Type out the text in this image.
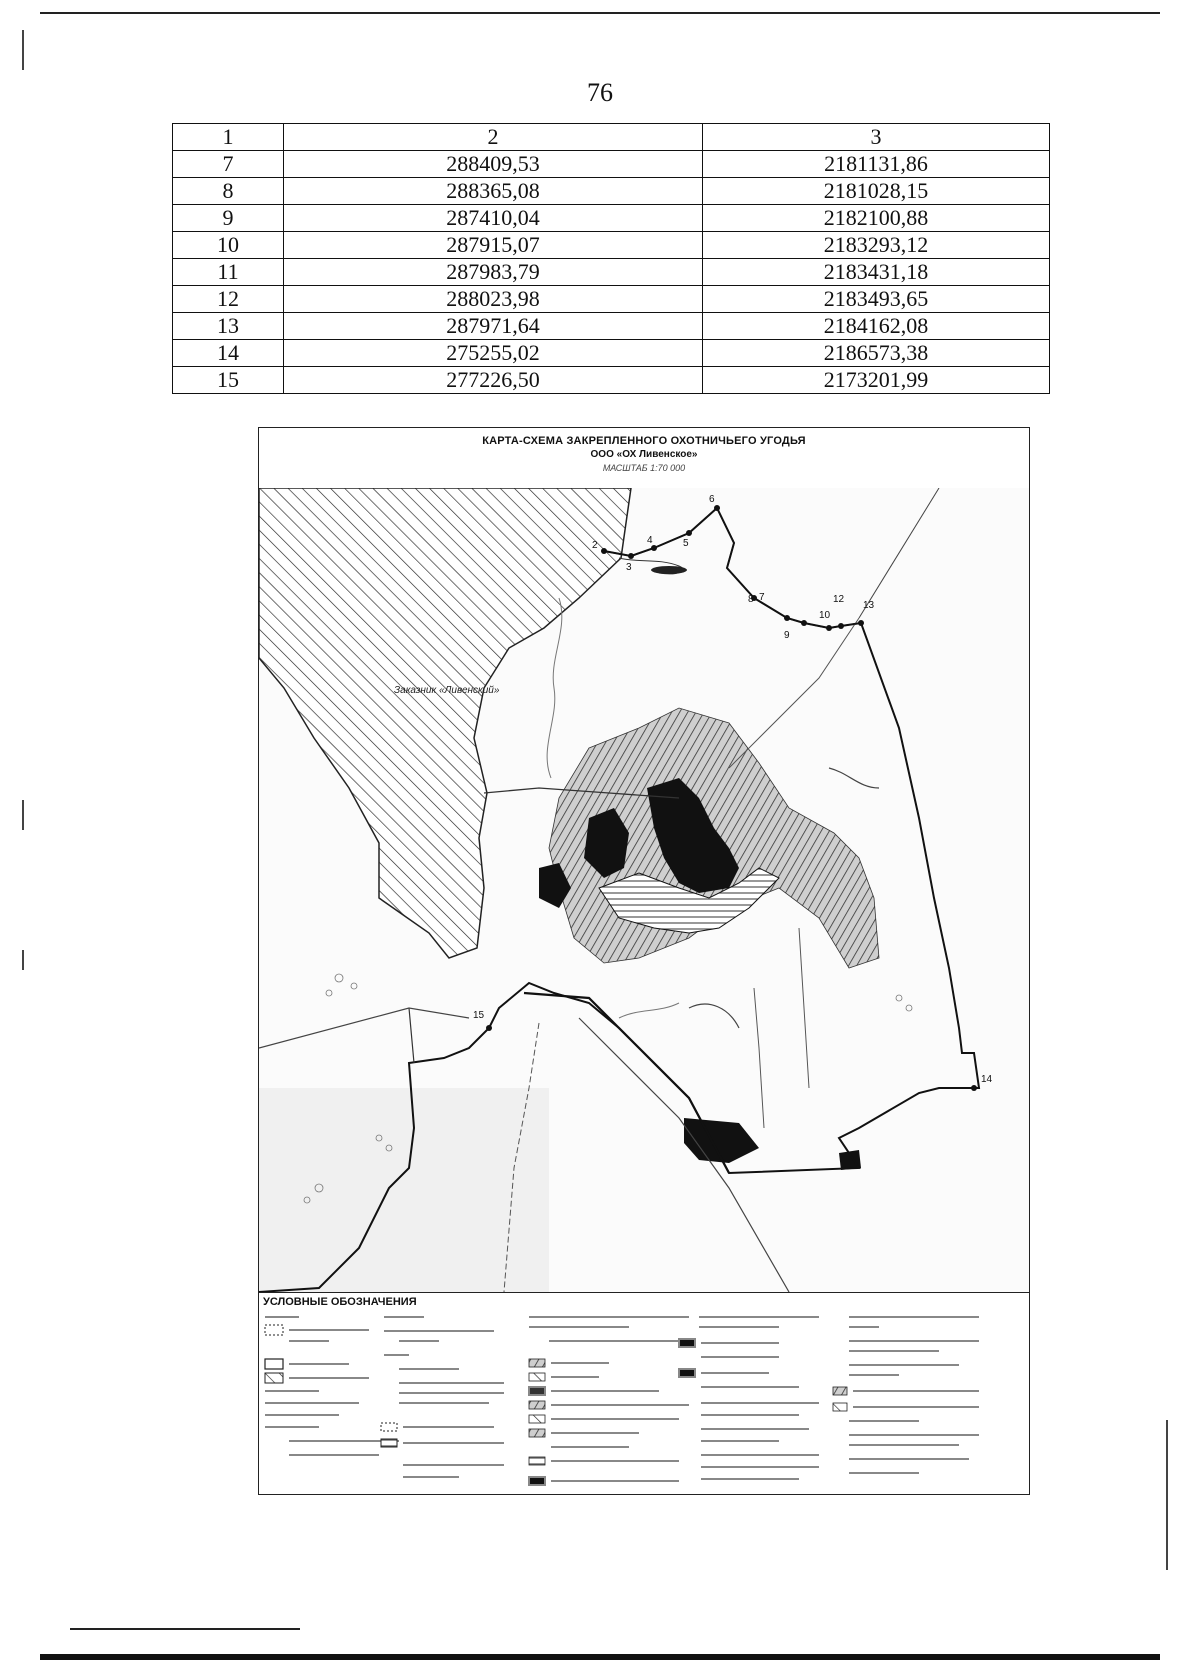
76
1	2	3
7	288409,53	2181131,86
8	288365,08	2181028,15
9	287410,04	2182100,88
10	287915,07	2183293,12
11	287983,79	2183431,18
12	288023,98	2183493,65
13	287971,64	2184162,08
14	275255,02	2186573,38
15	277226,50	2173201,99
КАРТА-СХЕМА ЗАКРЕПЛЕННОГО ОХОТНИЧЬЕГО УГОДЬЯ
ООО «ОХ Ливенское»
МАСШТАБ 1:70 000
2
3
4	5
6
7
8
9
10
12
13
14
15
Заказник «Ливенский»
УСЛОВНЫЕ ОБОЗНАЧЕНИЯ
